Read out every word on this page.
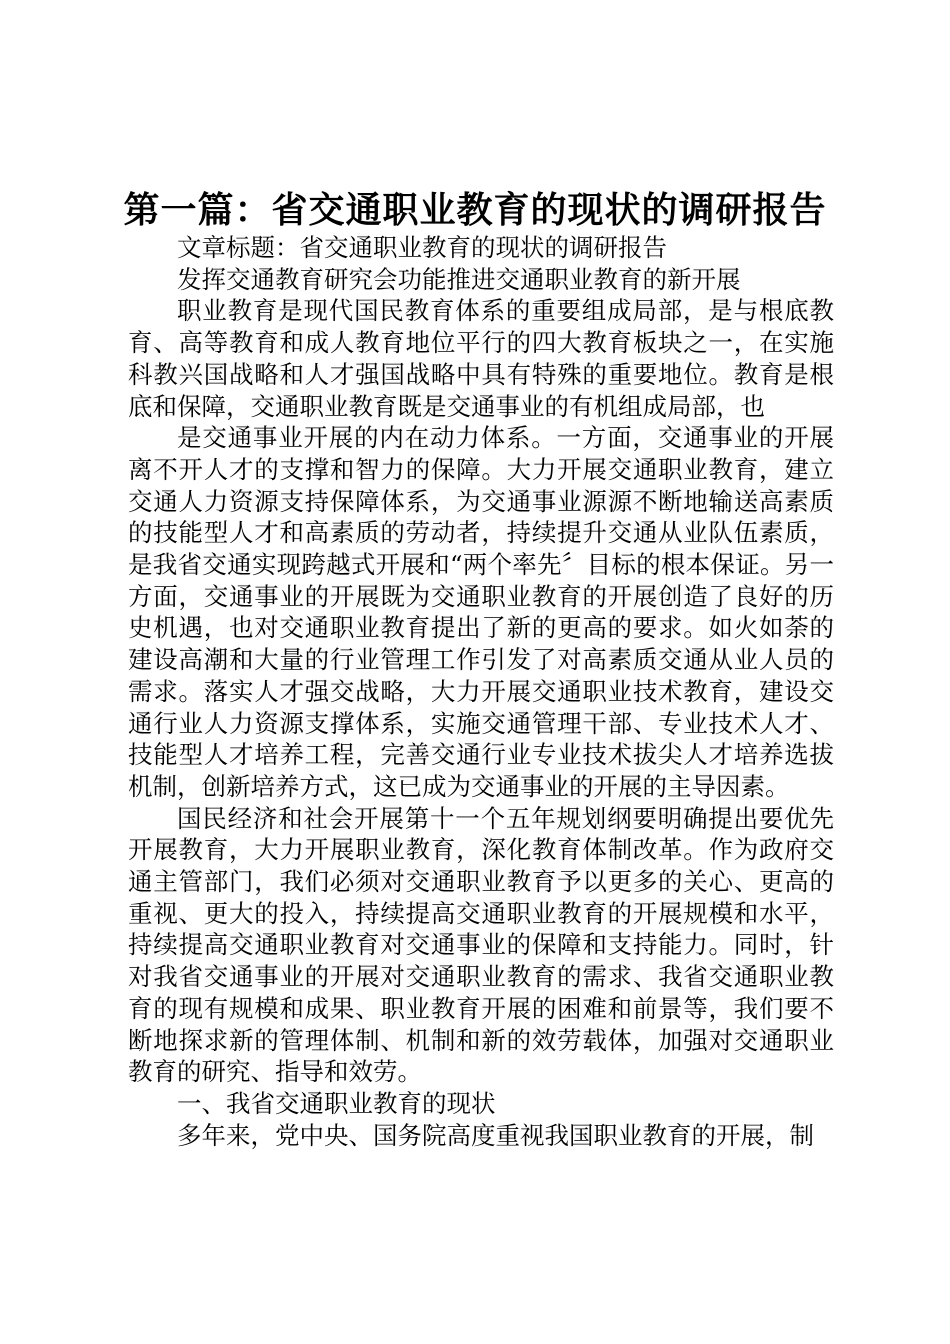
第一篇：省交通职业教育的现状的调研报告

文章标题：省交通职业教育的现状的调研报告

发挥交通教育研究会功能推进交通职业教育的新开展

职业教育是现代国民教育体系的重要组成局部，是与根底教育、高等教育和成人教育地位平行的四大教育板块之一，在实施科教兴国战略和人才强国战略中具有特殊的重要地位。教育是根底和保障，交通职业教育既是交通事业的有机组成局部，也

是交通事业开展的内在动力体系。一方面，交通事业的开展离不开人才的支撑和智力的保障。大力开展交通职业教育，建立交通人力资源支持保障体系，为交通事业源源不断地输送高素质的技能型人才和高素质的劳动者，持续提升交通从业队伍素质，是我省交通实现跨越式开展和“两个率先〞目标的根本保证。另一方面，交通事业的开展既为交通职业教育的开展创造了良好的历史机遇，也对交通职业教育提出了新的更高的要求。如火如荼的建设高潮和大量的行业管理工作引发了对高素质交通从业人员的需求。落实人才强交战略，大力开展交通职业技术教育，建设交通行业人力资源支撑体系，实施交通管理干部、专业技术人才、技能型人才培养工程，完善交通行业专业技术拔尖人才培养选拔机制，创新培养方式，这已成为交通事业的开展的主导因素。

国民经济和社会开展第十一个五年规划纲要明确提出要优先开展教育，大力开展职业教育，深化教育体制改革。作为政府交通主管部门，我们必须对交通职业教育予以更多的关心、更高的重视、更大的投入，持续提高交通职业教育的开展规模和水平，持续提高交通职业教育对交通事业的保障和支持能力。同时，针对我省交通事业的开展对交通职业教育的需求、我省交通职业教育的现有规模和成果、职业教育开展的困难和前景等，我们要不断地探求新的管理体制、机制和新的效劳载体，加强对交通职业教育的研究、指导和效劳。

一、我省交通职业教育的现状

多年来，党中央、国务院高度重视我国职业教育的开展，制
